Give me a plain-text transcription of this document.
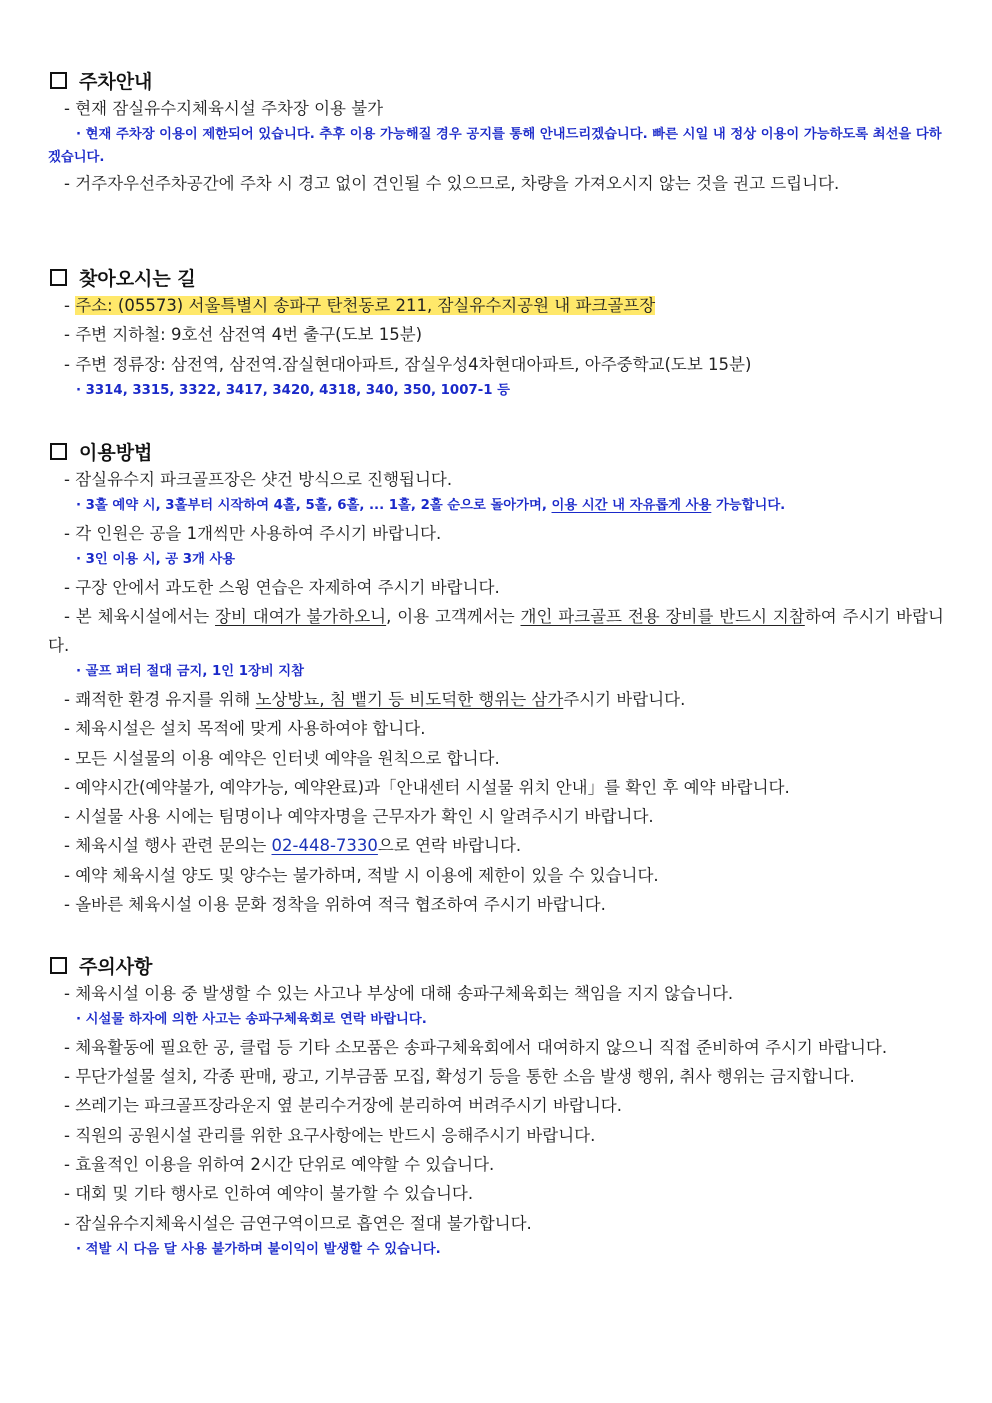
주차안내
- 현재 잠실유수지체육시설 주차장 이용 불가
· 현재 주차장 이용이 제한되어 있습니다. 추후 이용 가능해질 경우 공지를 통해 안내드리겠습니다. 빠른 시일 내 정상 이용이 가능하도록 최선을 다하겠습니다.
- 거주자우선주차공간에 주차 시 경고 없이 견인될 수 있으므로, 차량을 가져오시지 않는 것을 권고 드립니다.
찾아오시는 길
- 주소: (05573) 서울특별시 송파구 탄천동로 211, 잠실유수지공원 내 파크골프장
- 주변 지하철: 9호선 삼전역 4번 출구(도보 15분)
- 주변 정류장: 삼전역, 삼전역.잠실현대아파트, 잠실우성4차현대아파트, 아주중학교(도보 15분)
· 3314, 3315, 3322, 3417, 3420, 4318, 340, 350, 1007-1 등
이용방법
- 잠실유수지 파크골프장은 샷건 방식으로 진행됩니다.
· 3홀 예약 시, 3홀부터 시작하여 4홀, 5홀, 6홀, ... 1홀, 2홀 순으로 돌아가며, 이용 시간 내 자유롭게 사용 가능합니다.
- 각 인원은 공을 1개씩만 사용하여 주시기 바랍니다.
· 3인 이용 시, 공 3개 사용
- 구장 안에서 과도한 스윙 연습은 자제하여 주시기 바랍니다.
- 본 체육시설에서는 장비 대여가 불가하오니, 이용 고객께서는 개인 파크골프 전용 장비를 반드시 지참하여 주시기 바랍니다.
· 골프 퍼터 절대 금지, 1인 1장비 지참
- 쾌적한 환경 유지를 위해 노상방뇨, 침 뱉기 등 비도덕한 행위는 삼가주시기 바랍니다.
- 체육시설은 설치 목적에 맞게 사용하여야 합니다.
- 모든 시설물의 이용 예약은 인터넷 예약을 원칙으로 합니다.
- 예약시간(예약불가, 예약가능, 예약완료)과「안내센터 시설물 위치 안내」를 확인 후 예약 바랍니다.
- 시설물 사용 시에는 팀명이나 예약자명을 근무자가 확인 시 알려주시기 바랍니다.
- 체육시설 행사 관련 문의는 02-448-7330으로 연락 바랍니다.
- 예약 체육시설 양도 및 양수는 불가하며, 적발 시 이용에 제한이 있을 수 있습니다.
- 올바른 체육시설 이용 문화 정착을 위하여 적극 협조하여 주시기 바랍니다.
주의사항
- 체육시설 이용 중 발생할 수 있는 사고나 부상에 대해 송파구체육회는 책임을 지지 않습니다.
· 시설물 하자에 의한 사고는 송파구체육회로 연락 바랍니다.
- 체육활동에 필요한 공, 클럽 등 기타 소모품은 송파구체육회에서 대여하지 않으니 직접 준비하여 주시기 바랍니다.
- 무단가설물 설치, 각종 판매, 광고, 기부금품 모집, 확성기 등을 통한 소음 발생 행위, 취사 행위는 금지합니다.
- 쓰레기는 파크골프장라운지 옆 분리수거장에 분리하여 버려주시기 바랍니다.
- 직원의 공원시설 관리를 위한 요구사항에는 반드시 응해주시기 바랍니다.
- 효율적인 이용을 위하여 2시간 단위로 예약할 수 있습니다.
- 대회 및 기타 행사로 인하여 예약이 불가할 수 있습니다.
- 잠실유수지체육시설은 금연구역이므로 흡연은 절대 불가합니다.
· 적발 시 다음 달 사용 불가하며 불이익이 발생할 수 있습니다.
